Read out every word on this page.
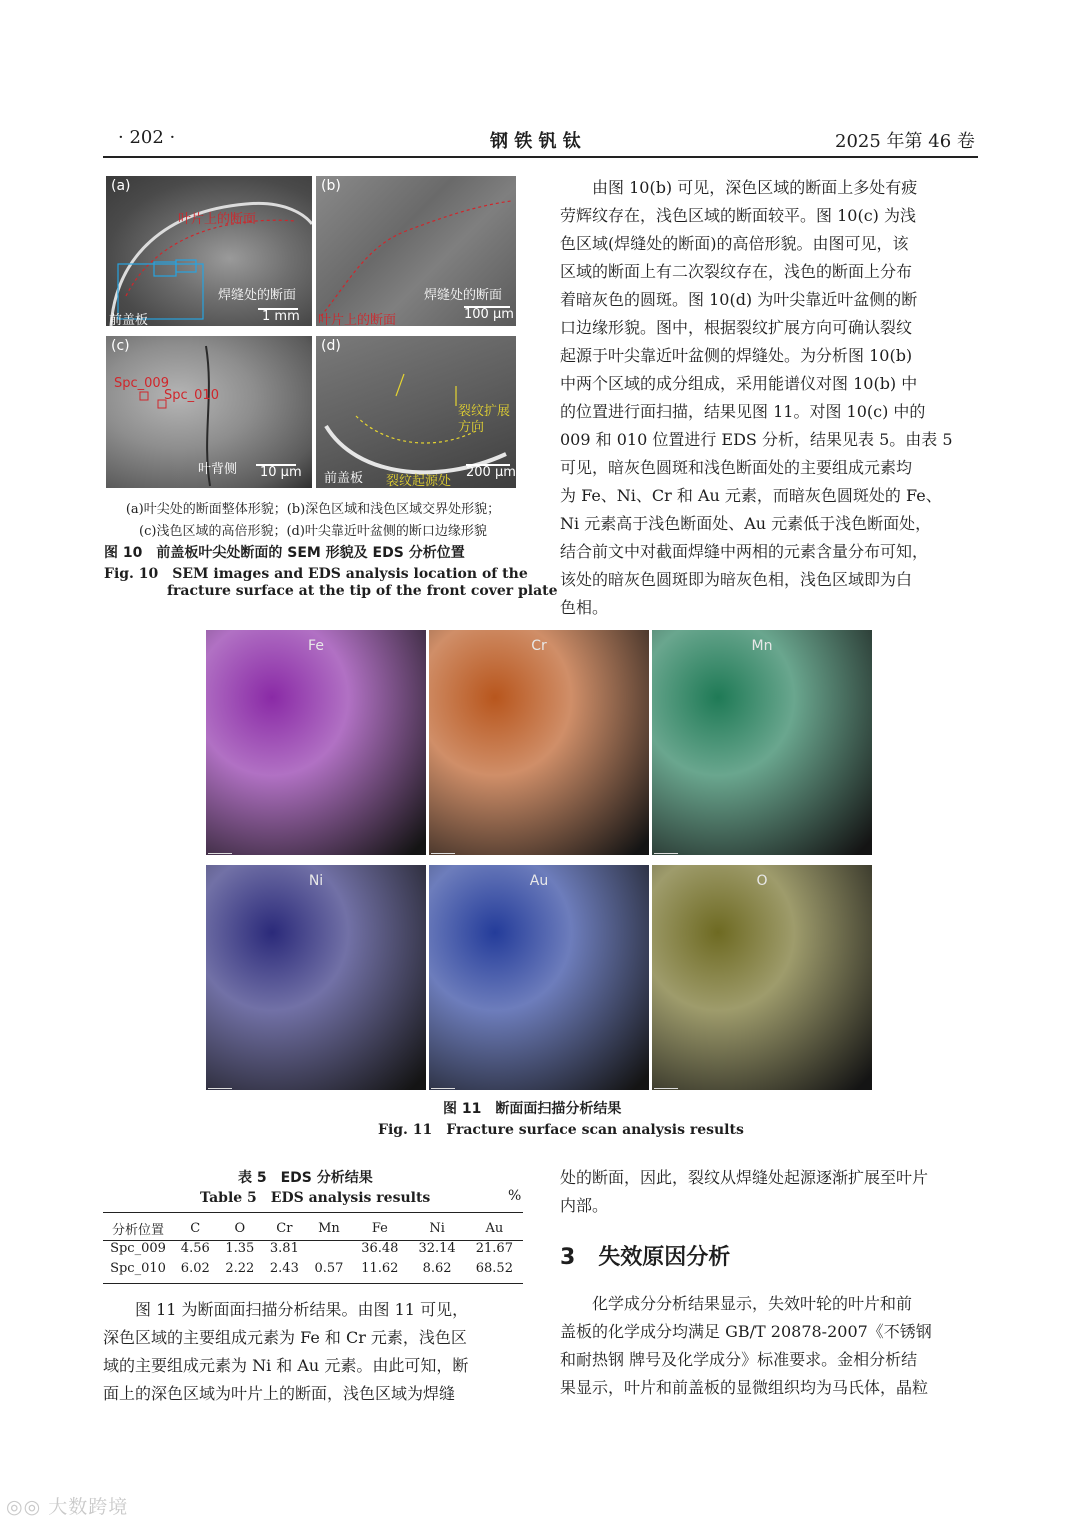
· 202 ·	钢 铁 钒 钛	2025 年第 46 卷
(a)
叶片上的断面
焊缝处的断面
前盖板	1 mm
(b)
焊缝处的断面
叶片上的断面	100 μm
(c)
Spc_009
Spc_010
叶背侧 10 μm
(d)
裂纹扩展方向
前盖板 裂纹起源处
200 μm
(a)叶尖处的断面整体形貌；(b)深色区域和浅色区域交界处形貌；
(c)浅色区域的高倍形貌；(d)叶尖靠近叶盆侧的断口边缘形貌
图 10　前盖板叶尖处断面的 SEM 形貌及 EDS 分析位置
Fig. 10　SEM images and EDS analysis location of the
fracture surface at the tip of the front cover plate
由图 10(b) 可见，深色区域的断面上多处有疲
劳辉纹存在，浅色区域的断面较平。图 10(c) 为浅
色区域(焊缝处的断面)的高倍形貌。由图可见，该
区域的断面上有二次裂纹存在，浅色的断面上分布
着暗灰色的圆斑。图 10(d) 为叶尖靠近叶盆侧的断
口边缘形貌。图中，根据裂纹扩展方向可确认裂纹
起源于叶尖靠近叶盆侧的焊缝处。为分析图 10(b)
中两个区域的成分组成，采用能谱仪对图 10(b) 中
的位置进行面扫描，结果见图 11。对图 10(c) 中的
009 和 010 位置进行 EDS 分析，结果见表 5。由表 5
可见，暗灰色圆斑和浅色断面处的主要组成元素均
为 Fe、Ni、Cr 和 Au 元素，而暗灰色圆斑处的 Fe、
Ni 元素高于浅色断面处、Au 元素低于浅色断面处，
结合前文中对截面焊缝中两相的元素含量分布可知，
该处的暗灰色圆斑即为暗灰色相，浅色区域即为白
色相。
Fe	Cr	Mn
Ni	Au	O
图 11　断面面扫描分析结果
Fig. 11　Fracture surface scan analysis results
表 5　EDS 分析结果
Table 5　EDS analysis results	%
分析位置	C	O	Cr	Mn	Fe	Ni	Au
Spc_009	4.56	1.35	3.81		36.48	32.14	21.67
Spc_010	6.02	2.22	2.43	0.57	11.62	8.62	68.52
图 11 为断面面扫描分析结果。由图 11 可见，
深色区域的主要组成元素为 Fe 和 Cr 元素，浅色区
域的主要组成元素为 Ni 和 Au 元素。由此可知，断
面上的深色区域为叶片上的断面，浅色区域为焊缝
处的断面，因此，裂纹从焊缝处起源逐渐扩展至叶片
内部。
3 失效原因分析
化学成分分析结果显示，失效叶轮的叶片和前
盖板的化学成分均满足 GB/T 20878-2007《不锈钢
和耐热钢 牌号及化学成分》标准要求。金相分析结
果显示，叶片和前盖板的显微组织均为马氏体，晶粒
◎◎ 大数跨境
